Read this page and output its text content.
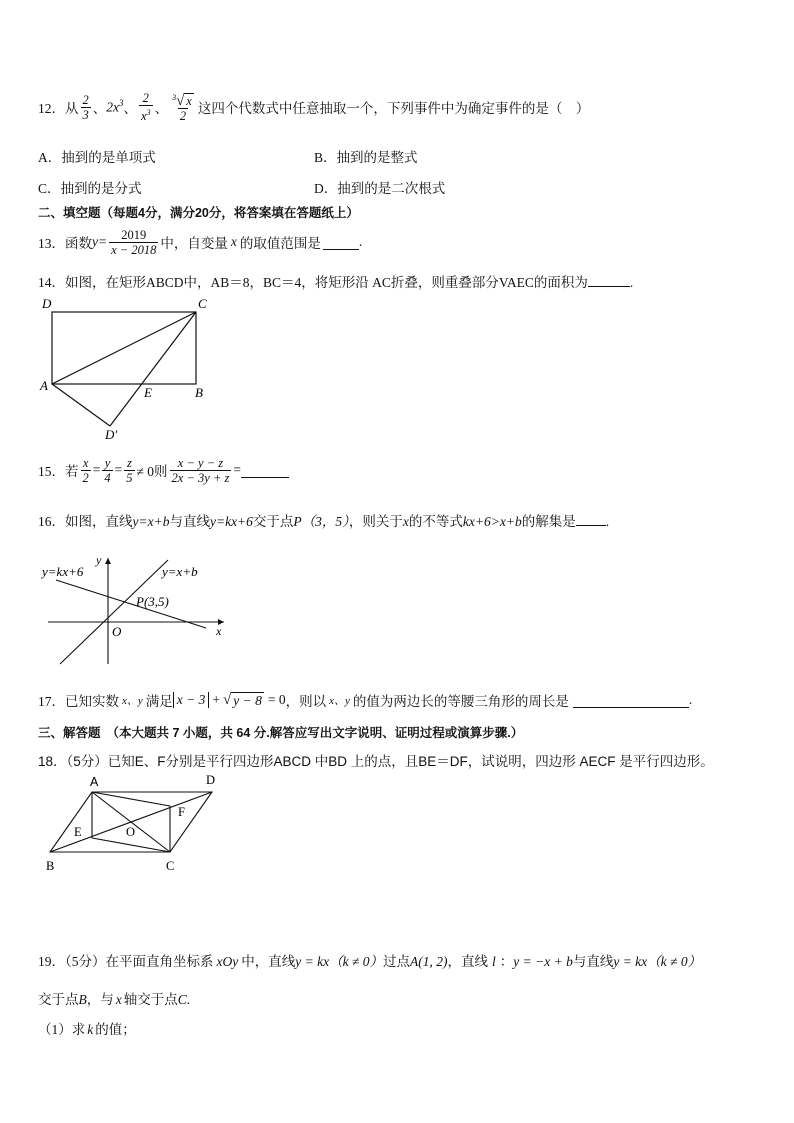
12．从 $\frac{2}{3}$ 、 $2x^3$ 、 $\frac{2}{x^3}$ 、 $\frac{^3√ x}{2}$ 这四个代数式中任意抽取一个，下列事件中为确定事件的是（　）
A．抽到的是单项式	B．抽到的是整式
C．抽到的是分式	D．抽到的是二次根式
二、填空题（每题4分，满分20分，将答案填在答题纸上）
13．函数 $y= \frac{2019}{x - 2018}$ 中，自变量 x 的取值范围是	.
14．如图，在矩形ABCD中，AB＝8，BC＝4，将矩形沿 AC折叠，则重叠部分VAEC的面积为	.
D	C
A	E	B
D′
15．若 $\frac{x}{2} = \frac{y}{4} = \frac{z}{5} \ne 0$则 $\frac{x - y - z}{2x - 3y + z}$ =
16．如图，直线y=x+b与直线y=kx+6交于点P（3，5），则关于x的不等式kx+6>x+b的解集是 .
y=kx+6	y=x+b
y
x
P(3,5)
O
17．已知实数 x、y 满足 x − 3 + √ y − 8 = 0 ，则以 x、y 的值为两边长的等腰三角形的周长是	.
三、解答题 （本大题共 7 小题，共 64 分.解答应写出文字说明、证明过程或演算步骤.）
18．（5分）已知E、F分别是平行四边形ABCD 中BD 上的点，且BE＝DF，试说明，四边形 AECF 是平行四边形。
A	D
E	O
F
B	C
19．（5分）在平面直角坐标系 xOy 中，直线y = kx（k ≠ 0）过点A(1, 2)，直线 l ：y = −x + b与直线y = kx（k ≠ 0）
交于点B，与 x 轴交于点C.
（1）求 k 的值；
